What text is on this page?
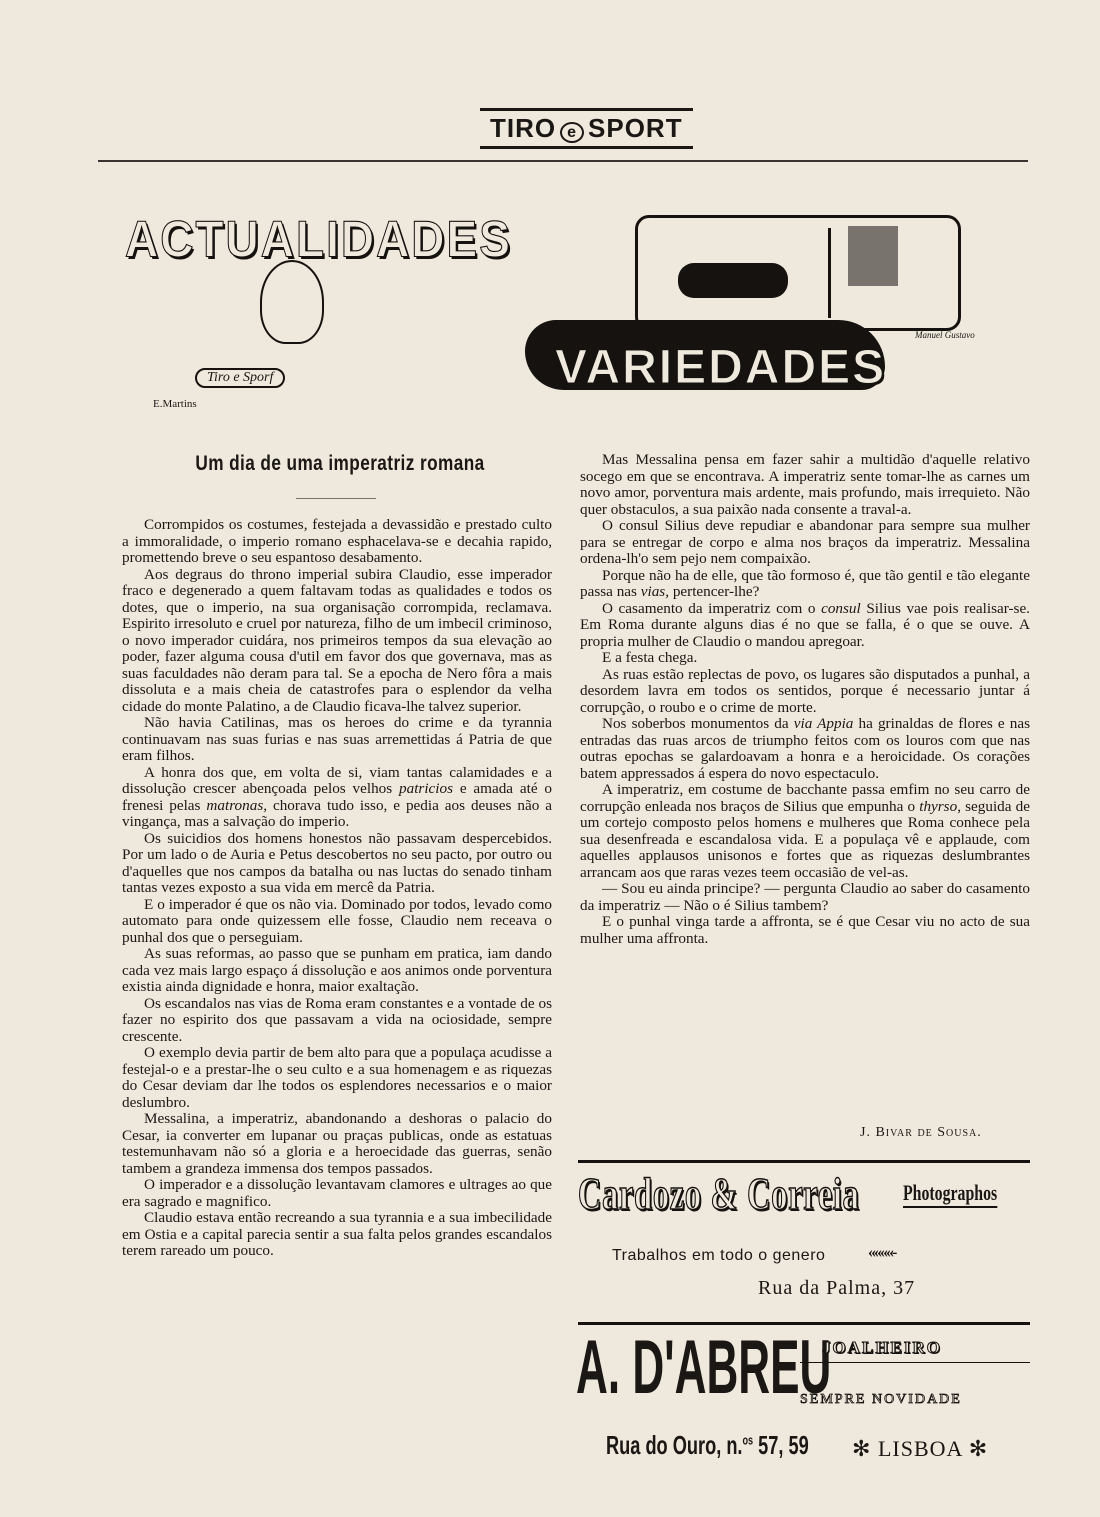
TIRO e SPORT
ACTUALIDADES
VARIEDADES
Tiro e Sporf
E.Martins
Manuel Gustavo
Um dia de uma imperatriz romana

Corrompidos os costumes, festejada a devassidão e prestado culto a immoralidade, o imperio romano esphacelava-se e decahia rapido, promettendo breve o seu espantoso desabamento.

Aos degraus do throno imperial subira Claudio, esse imperador fraco e degenerado a quem faltavam todas as qualidades e todos os dotes, que o imperio, na sua organisação corrompida, reclamava. Espirito irresoluto e cruel por natureza, filho de um imbecil criminoso, o novo imperador cuidára, nos primeiros tempos da sua elevação ao poder, fazer alguma cousa d'util em favor dos que governava, mas as suas faculdades não deram para tal. Se a epocha de Nero fôra a mais dissoluta e a mais cheia de catastrofes para o esplendor da velha cidade do monte Palatino, a de Claudio ficava-lhe talvez superior.

Não havia Catilinas, mas os heroes do crime e da tyrannia continuavam nas suas furias e nas suas arremettidas á Patria de que eram filhos.

A honra dos que, em volta de si, viam tantas calamidades e a dissolução crescer abençoada pelos velhos patricios e amada até o frenesi pelas matronas, chorava tudo isso, e pedia aos deuses não a vingança, mas a salvação do imperio.

Os suicidios dos homens honestos não passavam despercebidos. Por um lado o de Auria e Petus descobertos no seu pacto, por outro ou d'aquelles que nos campos da batalha ou nas luctas do senado tinham tantas vezes exposto a sua vida em mercê da Patria.

E o imperador é que os não via. Dominado por todos, levado como automato para onde quizessem elle fosse, Claudio nem receava o punhal dos que o perseguiam.

As suas reformas, ao passo que se punham em pratica, iam dando cada vez mais largo espaço á dissolução e aos animos onde porventura existia ainda dignidade e honra, maior exaltação.

Os escandalos nas vias de Roma eram constantes e a vontade de os fazer no espirito dos que passavam a vida na ociosidade, sempre crescente.

O exemplo devia partir de bem alto para que a populaça acudisse a festejal-o e a prestar-lhe o seu culto e a sua homenagem e as riquezas do Cesar deviam dar lhe todos os esplendores necessarios e o maior deslumbro.

Messalina, a imperatriz, abandonando a deshoras o palacio do Cesar, ia converter em lupanar ou praças publicas, onde as estatuas testemunhavam não só a gloria e a heroecidade das guerras, senão tambem a grandeza immensa dos tempos passados.

O imperador e a dissolução levantavam clamores e ultrages ao que era sagrado e magnifico.

Claudio estava então recreando a sua tyrannia e a sua imbecilidade em Ostia e a capital parecia sentir a sua falta pelos grandes escandalos terem rareado um pouco.

Mas Messalina pensa em fazer sahir a multidão d'aquelle relativo socego em que se encontrava. A imperatriz sente tomar-lhe as carnes um novo amor, porventura mais ardente, mais profundo, mais irrequieto. Não quer obstaculos, a sua paixão nada consente a traval-a.

O consul Silius deve repudiar e abandonar para sempre sua mulher para se entregar de corpo e alma nos braços da imperatriz. Messalina ordena-lh'o sem pejo nem compaixão.

Porque não ha de elle, que tão formoso é, que tão gentil e tão elegante passa nas vias, pertencer-lhe?

O casamento da imperatriz com o consul Silius vae pois realisar-se. Em Roma durante alguns dias é no que se falla, é o que se ouve. A propria mulher de Claudio o mandou apregoar.

E a festa chega.

As ruas estão replectas de povo, os lugares são disputados a punhal, a desordem lavra em todos os sentidos, porque é necessario juntar á corrupção, o roubo e o crime de morte.

Nos soberbos monumentos da via Appia ha grinaldas de flores e nas entradas das ruas arcos de triumpho feitos com os louros com que nas outras epochas se galardoavam a honra e a heroicidade. Os corações batem appressados á espera do novo espectaculo.

A imperatriz, em costume de bacchante passa emfim no seu carro de corrupção enleada nos braços de Silius que empunha o thyrso, seguida de um cortejo composto pelos homens e mulheres que Roma conhece pela sua desenfreada e escandalosa vida. E a populaça vê e applaude, com aquelles applausos unisonos e fortes que as riquezas deslumbrantes arrancam aos que raras vezes teem occasião de vel-as.

— Sou eu ainda principe? — pergunta Claudio ao saber do casamento da imperatriz — Não o é Silius tambem?

E o punhal vinga tarde a affronta, se é que Cesar viu no acto de sua mulher uma affronta.

J. Bivar de Sousa.
Cardozo & Correia Photographos
Trabalhos em todo o genero	««««-
Rua da Palma, 37
A. D'ABREU
JOALHEIRO
SEMPRE NOVIDADE
Rua do Ouro, n.$^{os}$ 57, 59 ✻ LISBOA ✻
